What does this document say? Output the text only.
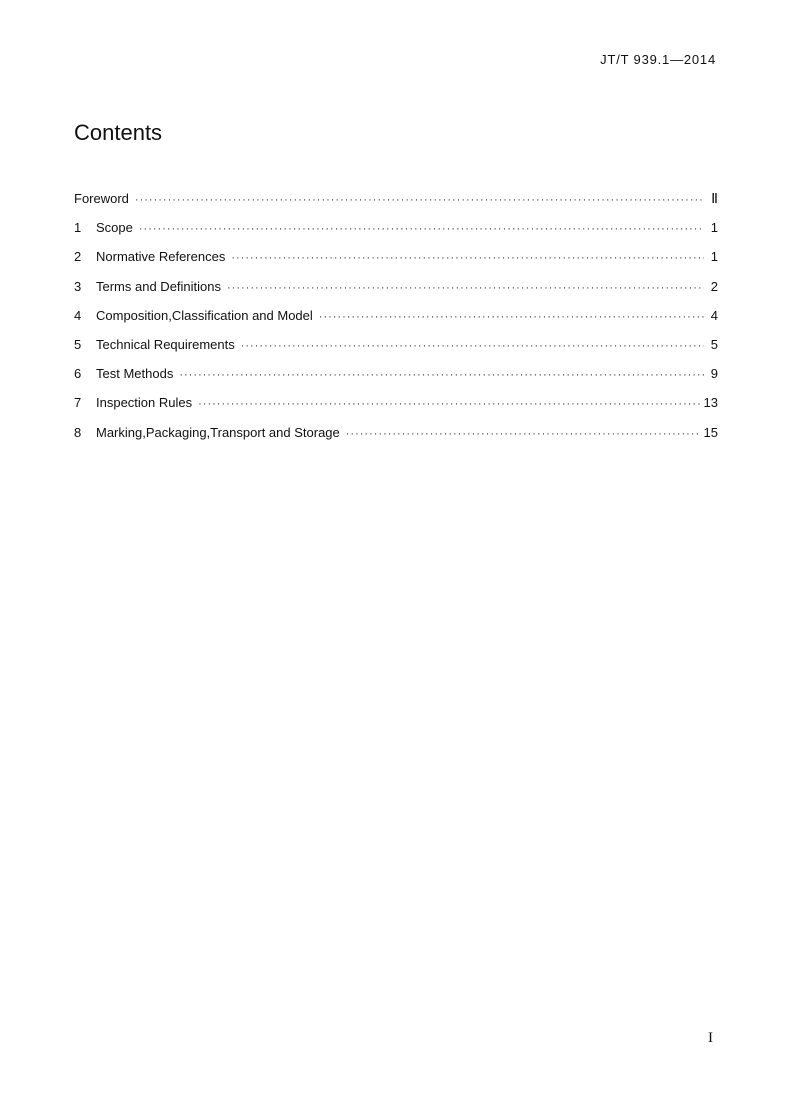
JT/T 939.1—2014
Contents
Foreword ·····	Ⅱ
1	Scope ·····	1
2	Normative References ·····	1
3	Terms and Definitions ·····	2
4	Composition,Classification and Model ·····	4
5	Technical Requirements ·····	5
6	Test Methods ·····	9
7	Inspection Rules ·····	13
8	Marking,Packaging,Transport and Storage ·····	15
I
